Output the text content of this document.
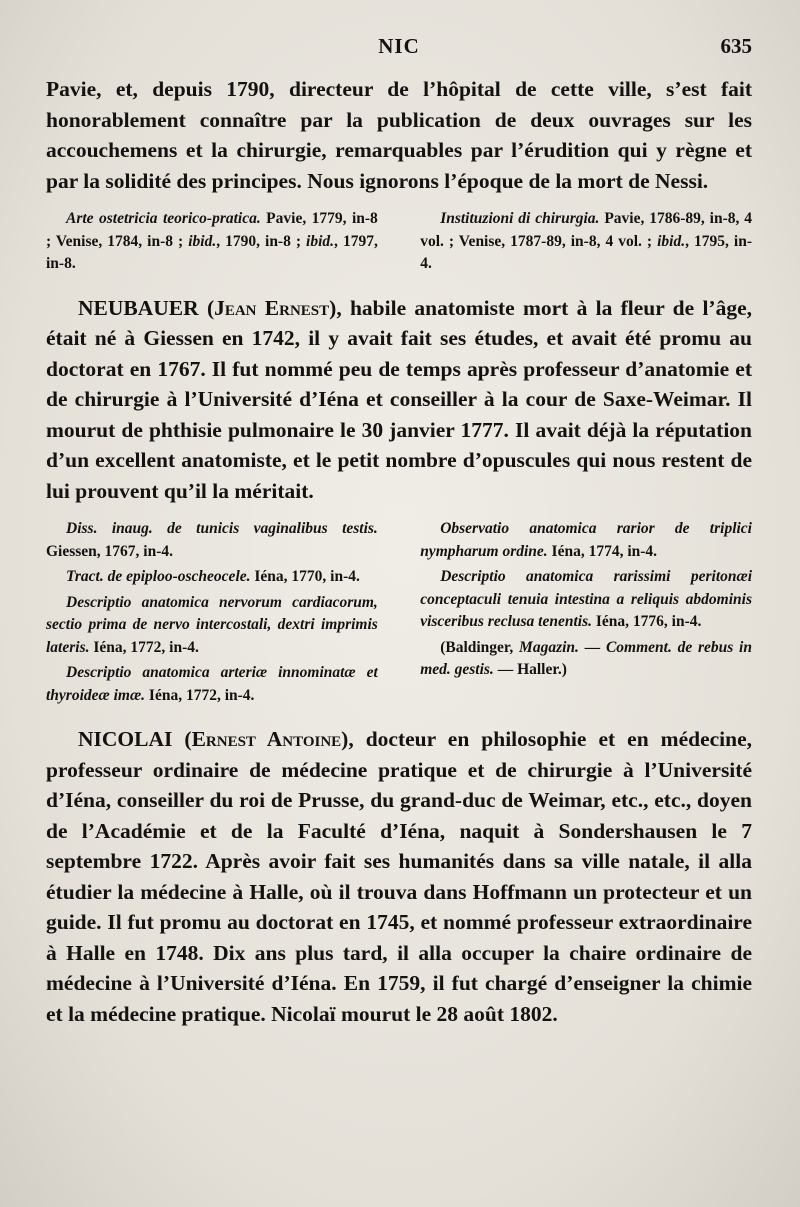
NIC	635

Pavie, et, depuis 1790, directeur de l’hôpital de cette ville, s’est fait honorablement connaître par la publication de deux ouvrages sur les accouchemens et la chirurgie, remarquables par l’érudition qui y règne et par la solidité des principes. Nous ignorons l’époque de la mort de Nessi.

Arte ostetricia teorico-pratica. Pavie, 1779, in-8 ; Venise, 1784, in-8 ; ibid., 1790, in-8 ; ibid., 1797, in-8.

Instituzioni di chirurgia. Pavie, 1786-89, in-8, 4 vol. ; Venise, 1787-89, in-8, 4 vol. ; ibid., 1795, in-4.

NEUBAUER (Jean Ernest), habile anatomiste mort à la fleur de l’âge, était né à Giessen en 1742, il y avait fait ses études, et avait été promu au doctorat en 1767. Il fut nommé peu de temps après professeur d’anatomie et de chirurgie à l’Université d’Iéna et conseiller à la cour de Saxe-Weimar. Il mourut de phthisie pulmonaire le 30 janvier 1777. Il avait déjà la réputation d’un excellent anatomiste, et le petit nombre d’opuscules qui nous restent de lui prouvent qu’il la méritait.

Diss. inaug. de tunicis vaginalibus testis. Giessen, 1767, in-4.

Tract. de epiploo-oscheocele. Iéna, 1770, in-4.

Descriptio anatomica nervorum cardiacorum, sectio prima de nervo intercostali, dextri imprimis lateris. Iéna, 1772, in-4.

Descriptio anatomica arteriæ innominatæ et thyroideæ imæ. Iéna, 1772, in-4.

Observatio anatomica rarior de triplici nympharum ordine. Iéna, 1774, in-4.

Descriptio anatomica rarissimi peritonæi conceptaculi tenuia intestina a reliquis abdominis visceribus reclusa tenentis. Iéna, 1776, in-4.

(Baldinger, Magazin. — Comment. de rebus in med. gestis. — Haller.)

NICOLAI (Ernest Antoine), docteur en philosophie et en médecine, professeur ordinaire de médecine pratique et de chirurgie à l’Université d’Iéna, conseiller du roi de Prusse, du grand-duc de Weimar, etc., etc., doyen de l’Académie et de la Faculté d’Iéna, naquit à Sondershausen le 7 septembre 1722. Après avoir fait ses humanités dans sa ville natale, il alla étudier la médecine à Halle, où il trouva dans Hoffmann un protecteur et un guide. Il fut promu au doctorat en 1745, et nommé professeur extraordinaire à Halle en 1748. Dix ans plus tard, il alla occuper la chaire ordinaire de médecine à l’Université d’Iéna. En 1759, il fut chargé d’enseigner la chimie et la médecine pratique. Nicolaï mourut le 28 août 1802.
